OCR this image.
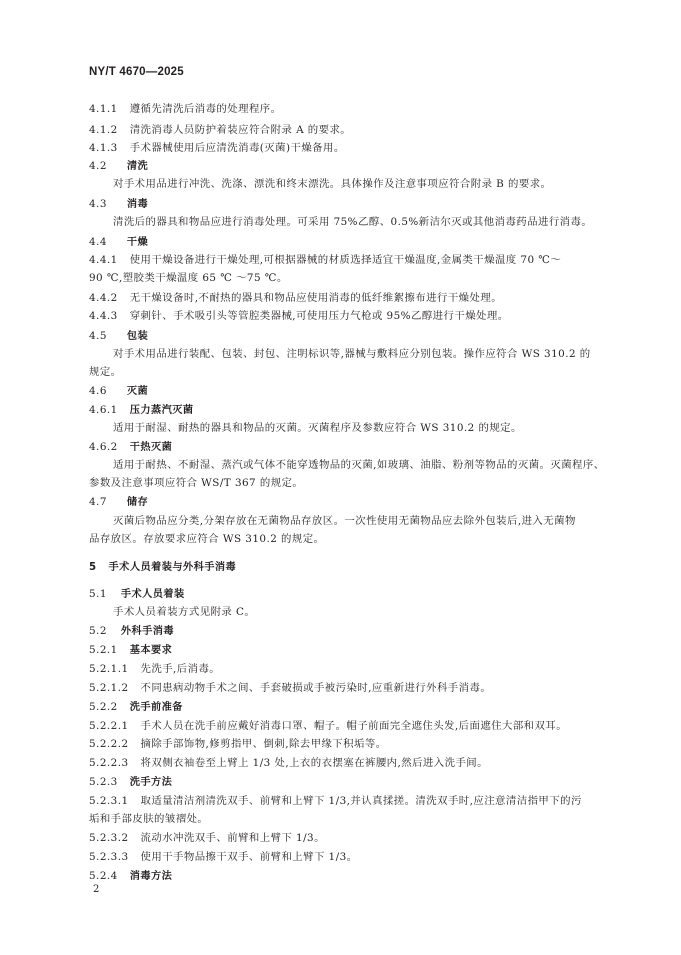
NY/T 4670—2025
4.1.1 遵循先清洗后消毒的处理程序。
4.1.2 清洗消毒人员防护着装应符合附录 A 的要求。
4.1.3 手术器械使用后应清洗消毒(灭菌)干燥备用。
4.2 清洗
对手术用品进行冲洗、洗涤、漂洗和终末漂洗。具体操作及注意事项应符合附录 B 的要求。
4.3 消毒
清洗后的器具和物品应进行消毒处理。可采用 75%乙醇、0.5%新洁尔灭或其他消毒药品进行消毒。
4.4 干燥
4.4.1 使用干燥设备进行干燥处理,可根据器械的材质选择适宜干燥温度,金属类干燥温度 70 ℃～
90 ℃,塑胶类干燥温度 65 ℃ ～75 ℃。
4.4.2 无干燥设备时,不耐热的器具和物品应使用消毒的低纤维絮擦布进行干燥处理。
4.4.3 穿刺针、手术吸引头等管腔类器械,可使用压力气枪或 95%乙醇进行干燥处理。
4.5 包装
对手术用品进行装配、包装、封包、注明标识等,器械与敷料应分别包装。操作应符合 WS 310.2 的
规定。
4.6 灭菌
4.6.1 压力蒸汽灭菌
适用于耐湿、耐热的器具和物品的灭菌。灭菌程序及参数应符合 WS 310.2 的规定。
4.6.2 干热灭菌
适用于耐热、不耐湿、蒸汽或气体不能穿透物品的灭菌,如玻璃、油脂、粉剂等物品的灭菌。灭菌程序、
参数及注意事项应符合 WS/T 367 的规定。
4.7 储存
灭菌后物品应分类,分架存放在无菌物品存放区。一次性使用无菌物品应去除外包装后,进入无菌物
品存放区。存放要求应符合 WS 310.2 的规定。
5 手术人员着装与外科手消毒
5.1 手术人员着装
手术人员着装方式见附录 C。
5.2 外科手消毒
5.2.1 基本要求
5.2.1.1 先洗手,后消毒。
5.2.1.2 不同患病动物手术之间、手套破损或手被污染时,应重新进行外科手消毒。
5.2.2 洗手前准备
5.2.2.1 手术人员在洗手前应戴好消毒口罩、帽子。帽子前面完全遮住头发,后面遮住大部和双耳。
5.2.2.2 摘除手部饰物,修剪指甲、倒刺,除去甲缘下积垢等。
5.2.2.3 将双侧衣袖卷至上臂上 1/3 处,上衣的衣摆塞在裤腰内,然后进入洗手间。
5.2.3 洗手方法
5.2.3.1 取适量清洁剂清洗双手、前臂和上臂下 1/3,并认真揉搓。清洗双手时,应注意清洁指甲下的污
垢和手部皮肤的皱褶处。
5.2.3.2 流动水冲洗双手、前臂和上臂下 1/3。
5.2.3.3 使用干手物品擦干双手、前臂和上臂下 1/3。
5.2.4 消毒方法
2
